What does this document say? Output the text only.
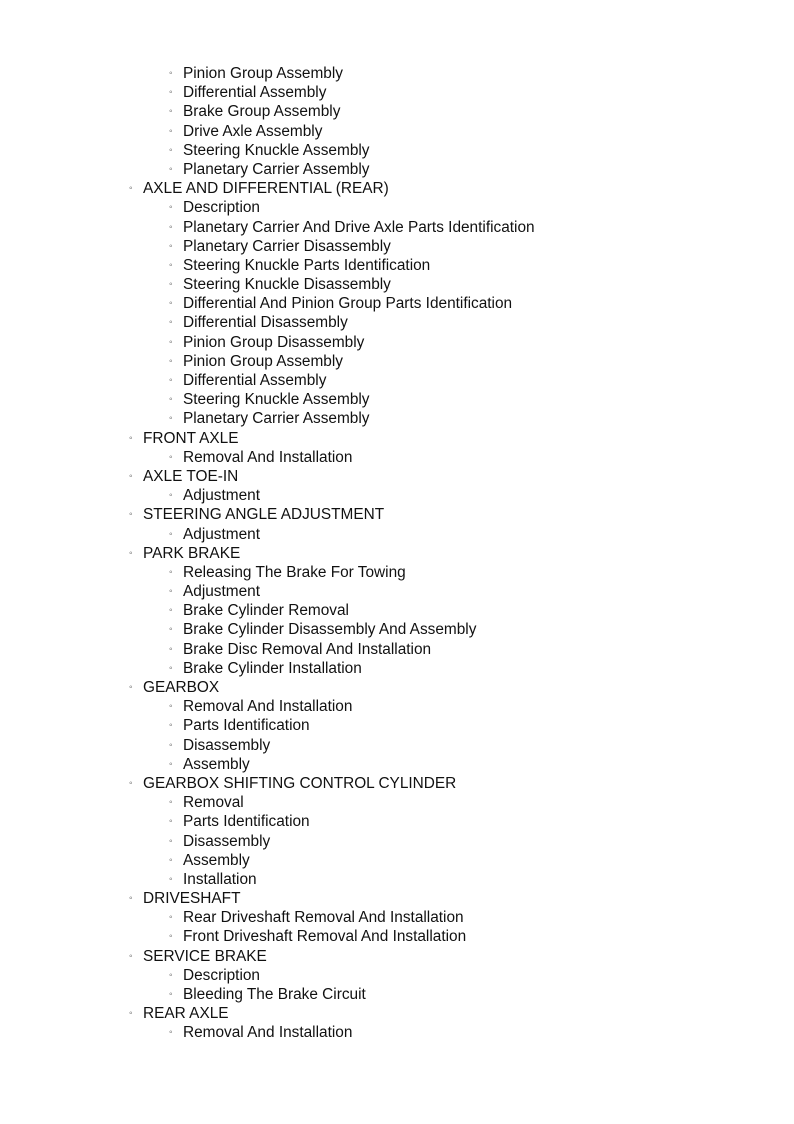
◦ Pinion Group Assembly
◦ Differential Assembly
◦ Brake Group Assembly
◦ Drive Axle Assembly
◦ Steering Knuckle Assembly
◦ Planetary Carrier Assembly
◦ AXLE AND DIFFERENTIAL (REAR)
◦ Description
◦ Planetary Carrier And Drive Axle Parts Identification
◦ Planetary Carrier Disassembly
◦ Steering Knuckle Parts Identification
◦ Steering Knuckle Disassembly
◦ Differential And Pinion Group Parts Identification
◦ Differential Disassembly
◦ Pinion Group Disassembly
◦ Pinion Group Assembly
◦ Differential Assembly
◦ Steering Knuckle Assembly
◦ Planetary Carrier Assembly
◦ FRONT AXLE
◦ Removal And Installation
◦ AXLE TOE-IN
◦ Adjustment
◦ STEERING ANGLE ADJUSTMENT
◦ Adjustment
◦ PARK BRAKE
◦ Releasing The Brake For Towing
◦ Adjustment
◦ Brake Cylinder Removal
◦ Brake Cylinder Disassembly And Assembly
◦ Brake Disc Removal And Installation
◦ Brake Cylinder Installation
◦ GEARBOX
◦ Removal And Installation
◦ Parts Identification
◦ Disassembly
◦ Assembly
◦ GEARBOX SHIFTING CONTROL CYLINDER
◦ Removal
◦ Parts Identification
◦ Disassembly
◦ Assembly
◦ Installation
◦ DRIVESHAFT
◦ Rear Driveshaft Removal And Installation
◦ Front Driveshaft Removal And Installation
◦ SERVICE BRAKE
◦ Description
◦ Bleeding The Brake Circuit
◦ REAR AXLE
◦ Removal And Installation
